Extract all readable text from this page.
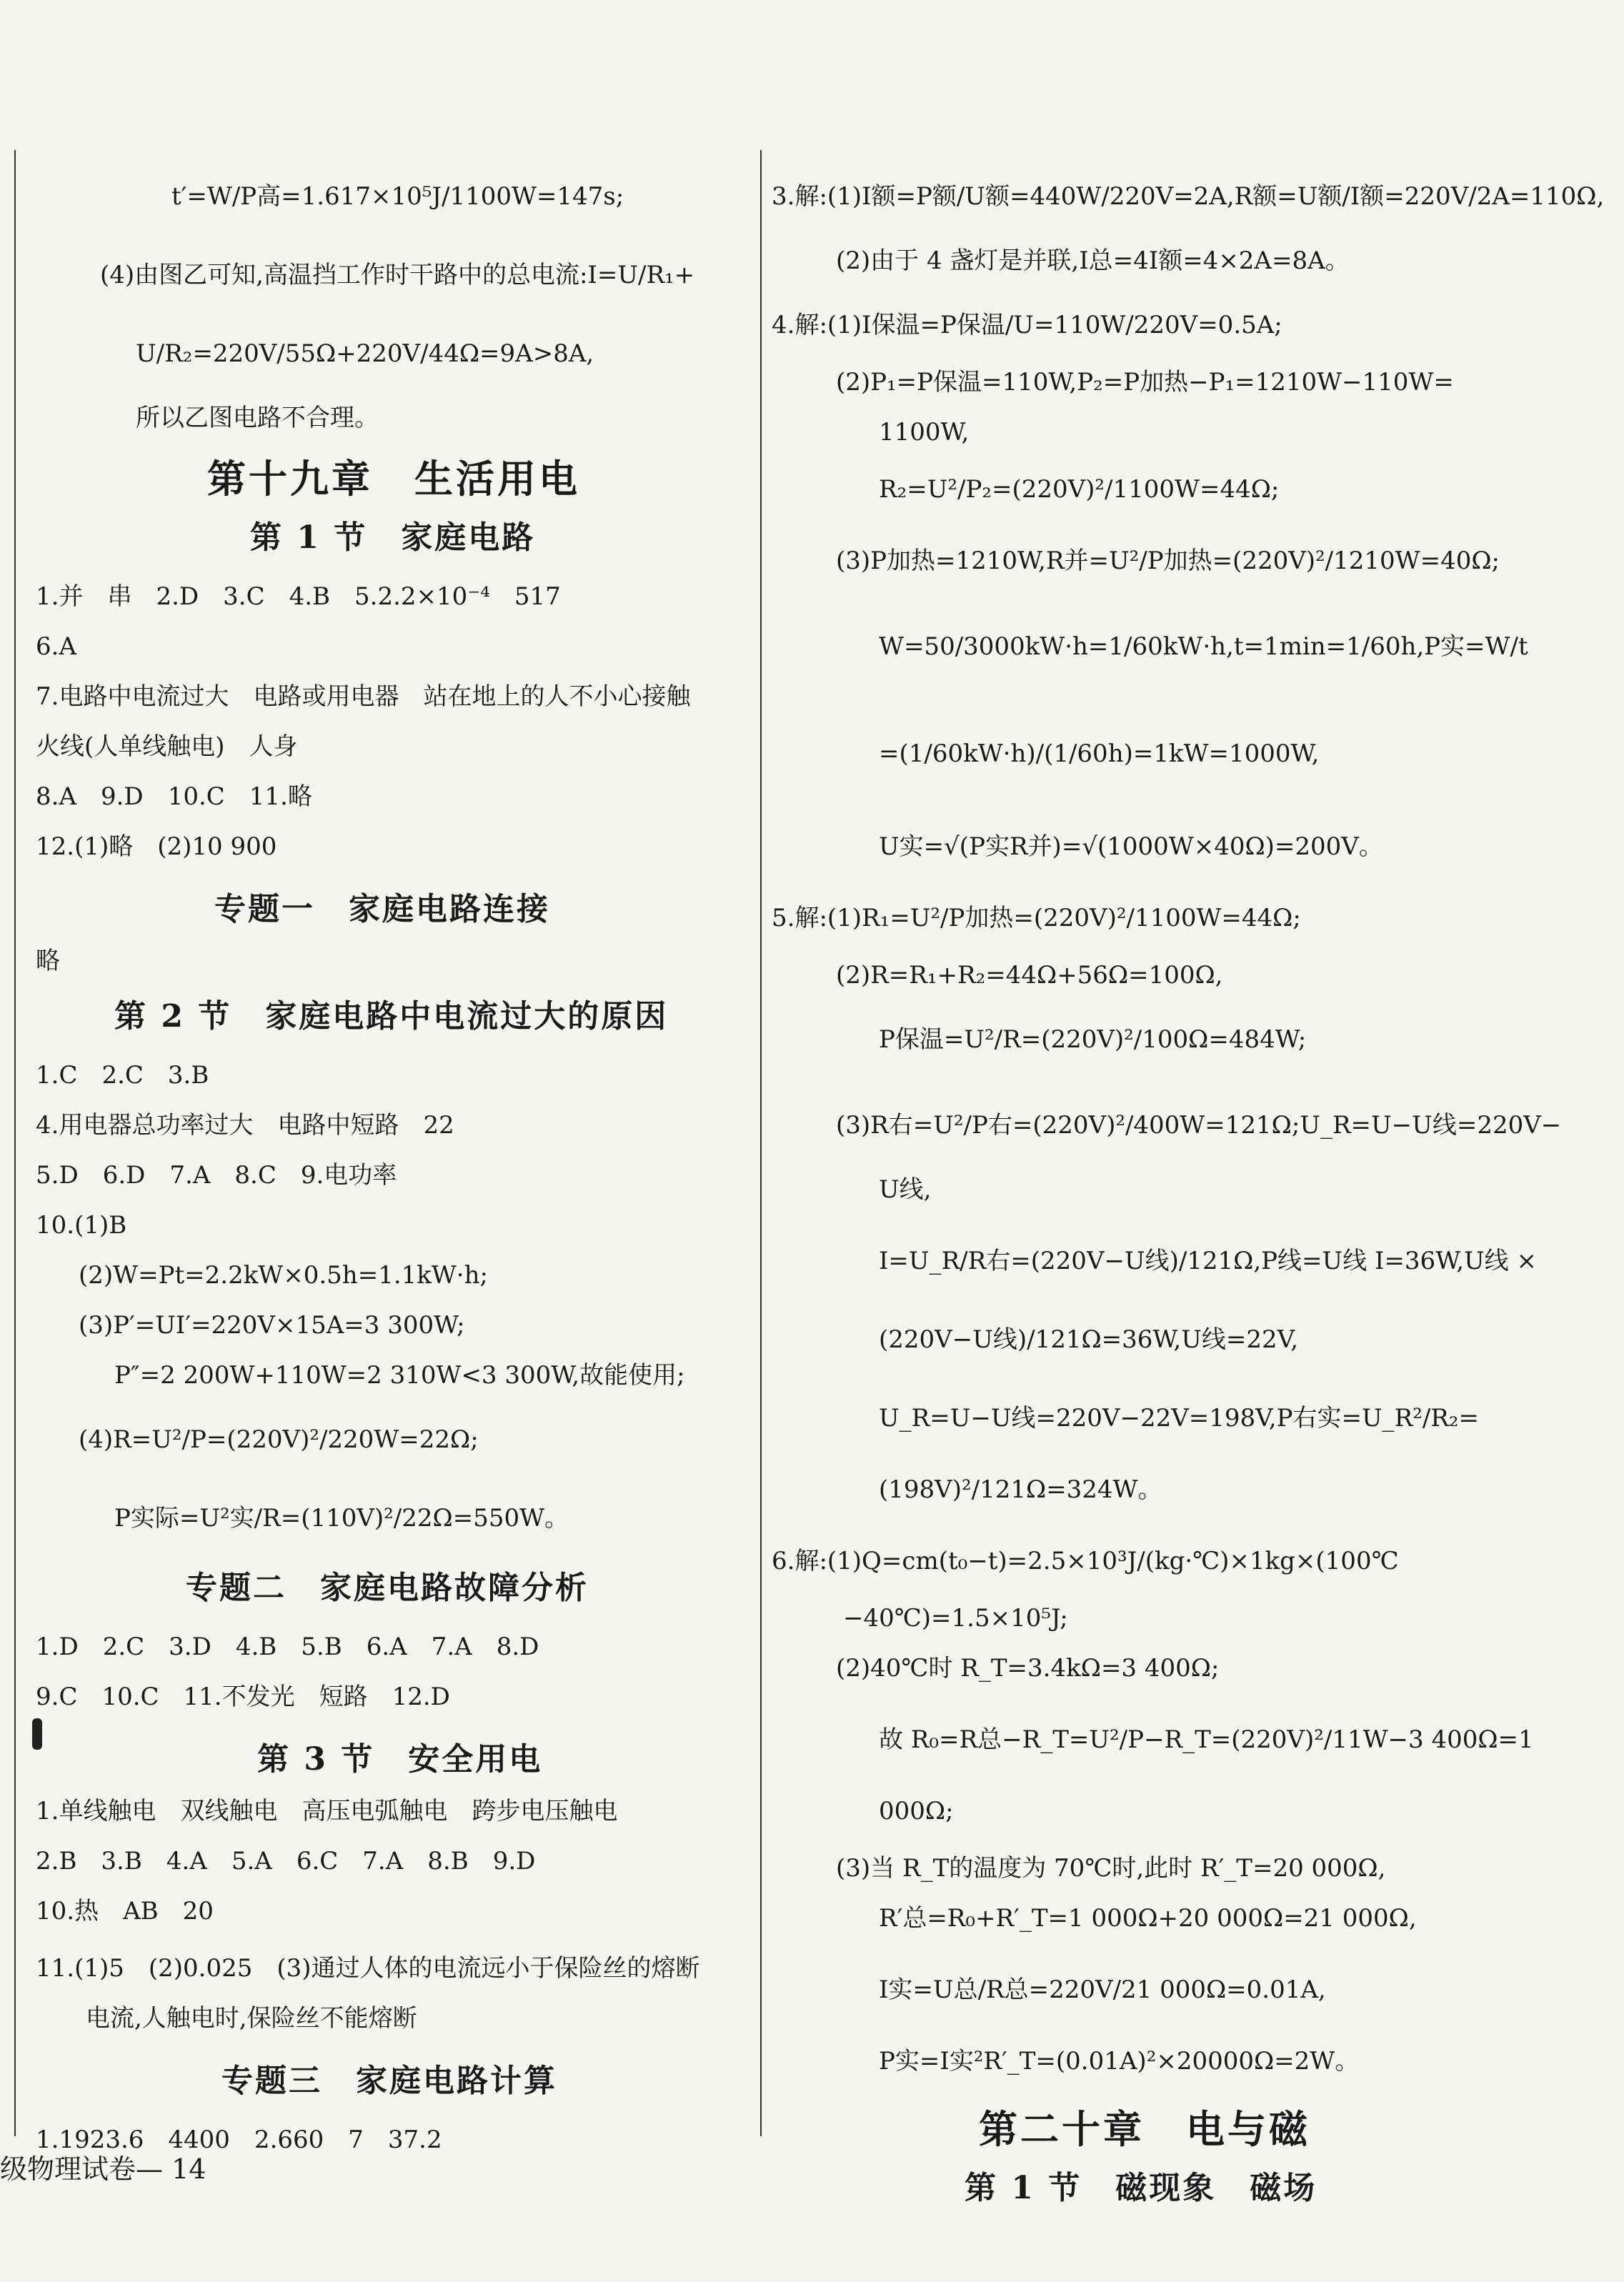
t′=W/P高=1.617×10⁵J/1100W=147s;
(4)由图乙可知,高温挡工作时干路中的总电流:I=U/R₁+
U/R₂=220V/55Ω+220V/44Ω=9A>8A,
所以乙图电路不合理。
第十九章　生活用电
第 1 节　家庭电路
1.并　串　2.D　3.C　4.B　5.2.2×10⁻⁴　517
6.A
7.电路中电流过大　电路或用电器　站在地上的人不小心接触
火线(人单线触电)　人身
8.A　9.D　10.C　11.略
12.(1)略　(2)10 900
专题一　家庭电路连接
略
第 2 节　家庭电路中电流过大的原因
1.C　2.C　3.B
4.用电器总功率过大　电路中短路　22
5.D　6.D　7.A　8.C　9.电功率
10.(1)B
(2)W=Pt=2.2kW×0.5h=1.1kW·h;
(3)P′=UI′=220V×15A=3 300W;
P″=2 200W+110W=2 310W<3 300W,故能使用;
(4)R=U²/P=(220V)²/220W=22Ω;
P实际=U²实/R=(110V)²/22Ω=550W。
专题二　家庭电路故障分析
1.D　2.C　3.D　4.B　5.B　6.A　7.A　8.D
9.C　10.C　11.不发光　短路　12.D
第 3 节　安全用电
1.单线触电　双线触电　高压电弧触电　跨步电压触电
2.B　3.B　4.A　5.A　6.C　7.A　8.B　9.D
10.热　AB　20
11.(1)5　(2)0.025　(3)通过人体的电流远小于保险丝的熔断
电流,人触电时,保险丝不能熔断
专题三　家庭电路计算
1.1923.6　4400　2.660　7　37.2
3.解:(1)I额=P额/U额=440W/220V=2A,R额=U额/I额=220V/2A=110Ω,
(2)由于 4 盏灯是并联,I总=4I额=4×2A=8A。
4.解:(1)I保温=P保温/U=110W/220V=0.5A;
(2)P₁=P保温=110W,P₂=P加热−P₁=1210W−110W=
1100W,
R₂=U²/P₂=(220V)²/1100W=44Ω;
(3)P加热=1210W,R并=U²/P加热=(220V)²/1210W=40Ω;
W=50/3000kW·h=1/60kW·h,t=1min=1/60h,P实=W/t
=(1/60kW·h)/(1/60h)=1kW=1000W,
U实=√(P实R并)=√(1000W×40Ω)=200V。
5.解:(1)R₁=U²/P加热=(220V)²/1100W=44Ω;
(2)R=R₁+R₂=44Ω+56Ω=100Ω,
P保温=U²/R=(220V)²/100Ω=484W;
(3)R右=U²/P右=(220V)²/400W=121Ω;U_R=U−U线=220V−
U线,
I=U_R/R右=(220V−U线)/121Ω,P线=U线 I=36W,U线 ×
(220V−U线)/121Ω=36W,U线=22V,
U_R=U−U线=220V−22V=198V,P右实=U_R²/R₂=
(198V)²/121Ω=324W。
6.解:(1)Q=cm(t₀−t)=2.5×10³J/(kg·℃)×1kg×(100℃
−40℃)=1.5×10⁵J;
(2)40℃时 R_T=3.4kΩ=3 400Ω;
故 R₀=R总−R_T=U²/P−R_T=(220V)²/11W−3 400Ω=1
000Ω;
(3)当 R_T的温度为 70℃时,此时 R′_T=20 000Ω,
R′总=R₀+R′_T=1 000Ω+20 000Ω=21 000Ω,
I实=U总/R总=220V/21 000Ω=0.01A,
P实=I实²R′_T=(0.01A)²×20000Ω=2W。
第二十章　电与磁
第 1 节　磁现象　磁场
级物理试卷— 14
